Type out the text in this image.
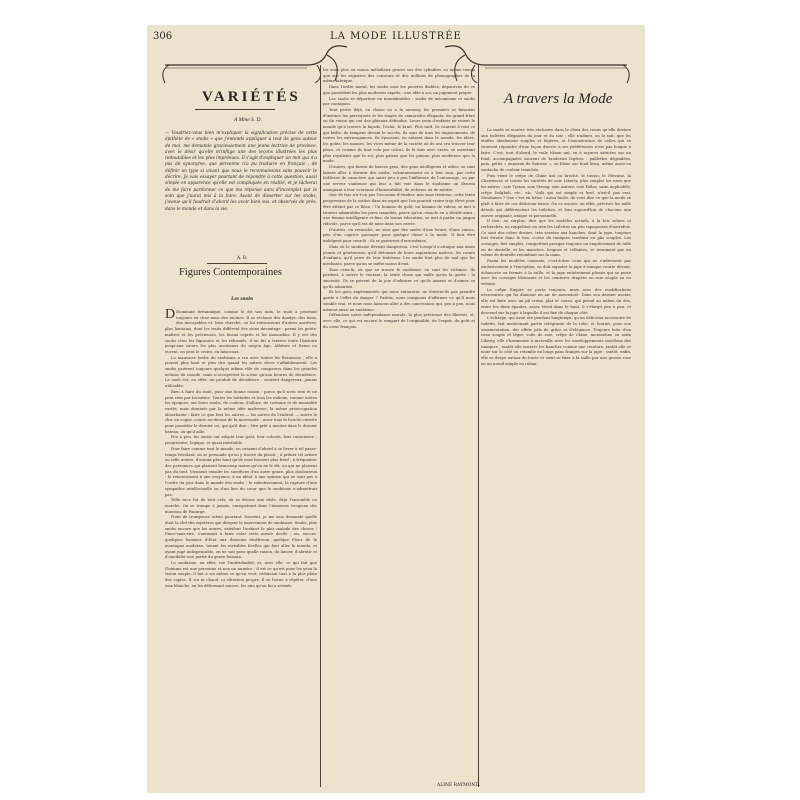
306	LA MODE ILLUSTRÉE
VARIÉTÉS
A Mme S. D.
— Voudriez-vous bien m'expliquer la signification précise de cette épithète de « snobs » que j'entends appliquer à tout de gens autour de moi, me demande gracieusement une jeune lectrice de province, avec le désir qu'elle m'inflige une des leçons illustrées les plus redoutables et les plus imprévues. Il s'agit d'expliquer un mot qui n'a pas de synonyme, que personne n'a pu traduire en français ; de définir un type si vivant que nous le reconnaissons sans pouvoir le décrire. Je vais essayer pourtant de répondre à cette question, aussi simple en apparence qu'elle est compliquée en réalité, et je tâcherai de me faire pardonner ce que ma réponse aura d'incomplet par le soin que j'aurai mis à la faire. Avant de disserter sur les snobs, j'avoue qu'il faudrait d'abord les avoir bien vus, et observés de près, dans le monde et dans la vie.
A. R.
Figures Contemporaines
Les snobs

D Dominant britannique, comme le dit son nom, le snob a pourtant toujours eu chez nous des racines. Il se réclame des dandys, des lions, des incroyables et, bien cherché, on lui retrouverait d'autres ancêtres, plus lointains, dont les traits différent des siens davantage : parmi les petits-maîtres et les précieuses, les beaux esprits et les muscadins. Il y eut des snobs chez les figurants et les réformés, il en fut à travers toute l'histoire jusqu'aux sœurs les plus anciennes du moyen âge. Athènes et Rome en eurent, on peut le croire, en faisceaux.

La mauvaise herbe du snobisme a cru avec toutes les floraisons ; elle a poussé plus haut et plus dru quand les autres sèves s'affaiblissaient. Les snobs jouèrent toujours quelque infime rôle de comparses dans les grandes actions du monde, mais n'occupèrent la scène qu'aux heures de décadence. Le snob est, en effet, un produit de décadence : souvent dangereux, jamais utilisable.

Bien à faire du snob, pour une bonne raison : parce qu'il n'est rien et ne peut rien par lui-même. Toutes les latitudes et tous les milieux, comme toutes les époques, ont leurs snobs, de couleur, d'allure, de costume et de mentalité variés, mais dominés par la même idée maîtresse, la même préoccupation absorbante : faire ce que font les autres — les autres de l'endroit — suivre le chic en vogue, courir au-devant de la nouveauté ; avoir tous la boucle ouverte pour posséder le dernier cri, qui qu'il dise ; être prêt à monter dans le dernier bateau, où qu'il aille.

Peu à peu, les snobs ont adopté leur goût, leur volonté, leur conscience ; progressive, logique, et quasi inévitable.

Pour faire comme tout le monde, on consent d'abord à se livrer à tel passe-temps frivolant, on se persuade qu'on y trouve du plaisir ; à prôner tel artiste ou telle œuvre, d'autant plus haut qu'ils vous laissent plus froid ; à fréquenter des personnes qui plaisent beaucoup moins qu'on ne le dit, ou qui ne plaisent pas du tout. Viennent ensuite les sacrifices d'un autre genre, plus douloureux : le renoncement à une croyance, à un idéal, à une opinion qui ne sont pas à l'ordre du jour dans le monde des snobs ; le ralentissement, la rupture d'une sympathie intellectuelle ou d'un lien du cœur que le snobisme n'admettrait pas.

Telle race fut de tout cela, où se dresse une idole, déjà l'ensemble en marche. On se trompe à jamais, enregistrant dans l'immense troupeau des moutons de Panurge.

Point de trompeuse scène pourtant. Souvent, je me suis demandé quelle était la clef des mystères qui dirigent le mouvement de snobisme. Snobs, plus snobs encore que les autres, satisfont l'instinct le plus malade des choses ! Pince-sans-rire, s'amusant à faire voler cette meute docile ; ou, encore, quelques hommes d'État aux desseins ténébreux, quelque Fleur de la montagne moderne, tenant les invisibles ficelles qui font aller le monde, et ayant jugé indispensable, on ne sait pour quelle raison, de lancer, d'abrutir et d'annihiler une partie du genre humain.

Le snobisme, en effet, tue l'individualité, et, avec elle, ce qui fait que l'homme est une personne et non un numéro ; il est ce qu'est pour les yeux la vision souple, il fait à soi même ce qu'on veut, réduisant tout à la plus plate des copies. Il n'a ni chaud, ni vibration propre, il se borne à répéter, d'une voix blanche, en les déformant encore, les airs qu'on lui a serinés.

les sons plus ou moins mélodieux graves sur des cylindres ou même temps que sur les registres des censeurs et des millions de phonographes de la même fabrique.

Dans l'ordre moral, les snobs sont les pauvres diables, dépourvus de ce que possèdent les plus modestes esprits : une idée à soi, un jugement propre.

Les snobs se déportent en innombrables : snobs de mécanisme et snobs par contagion.

Tout petits déjà, en classe ou à la nursery, les premiers se faisaient d'instinct les perroquets et les singes de camarades élégants, du grand frère ou du voisin qui ont des gâteaux défendus. Leurs yeux d'enfants ne voient le monde qu'à travers la façade, l'éclat, le bruit. Plus tard, ils courent à tout ce qui brille, ils rampent devant le succès, ils sont de tous les engouements, de toutes les extravagances. Ils épousent, en entrant dans le monde, les idées, les goûts, les manies, les vices même de la société où ils ont cru trouver leur place, et comme ils font cela par calcul, ils le font avec excès, se montrant plus royalistes que le roi, plus païens que les païens, plus modernes que la mode.

D'autres, qui furent de braves gens, des gens intelligents et utiles, se sont laissés aller à devenir des snobs, volontairement ou à leur insu, par cette faiblesse de caractère qui saisit peu à peu l'influence de l'entourage, ou par une erreur vaniteuse qui leur a fait voir dans le snobisme un fleuron manquant à leur couronne d'honorabilité, de richesse ou de mérite.

Que de fois n'a-t-on pas l'occasion d'étudier, non sans tristesse, cette lente progression de la sottise dans un esprit que l'on pouvait croire trop élevé pour être atteint par ce fléau ! Un homme de goût, un homme de valeur, se met à trouver admirables les pires insanités, parce qu'un cénacle en a décidé ainsi ; une femme intelligente et fine, de bonne éducation, se met à parler un jargon ridicule, parce qu'il est de mise dans son cercle.

D'autres, en revanche, ne sont que des snobs d'une heure, d'une saison, pris d'un caprice passager pour quelque chose à la mode. Il faut être indulgent pour ceux-là : ils se guériront d'eux-mêmes.

Mais où le snobisme devient dangereux, c'est lorsqu'il s'attaque aux âmes jeunes et généreuses, qu'il détourne de leurs aspirations natives, les cœurs d'enfants, qu'il prive de leur fraîcheur. Les snobs font plus de mal que les méchants, parce qu'on se méfie moins d'eux.

Tous ceux-là, où que se trouve le snobisme, en sont les victimes. Ils perdent, à suivre le courant, la seule chose qui vaille qu'on la garde : la sincérité. Ils se privent de la joie d'admirer ce qu'ils aiment et d'aimer ce qu'ils admirent.

Et les gens expérimentés qui nous entourent, ne doivent-ils pas prendre garde à l'effet du danger ? Parfois, nous craignons d'affirmer ce qu'il nous semble vrai, et nous nous laissons aller à des concessions qui, peu à peu, nous mènent aussi au snobisme.

Défendons notre indépendance morale, la plus précieuse des libertés, et, avec elle, ce qui est encore le rempart de l'originalité, de l'esprit, du goût et du cœur français.

ALINE RAYMOND.
A travers la Mode

La mode se montre très exclusive dans le choix des tissus qu'elle destine aux toilettes élégantes du jour et du soir ; elle n'admet, on le sait, que les étoffes idéalement souples et légères, et l'énumération de celles qui se trouvent répondre d'une façon directe à ses préférences n'est pas longue à faire. C'est, tout d'abord, le voile Ninon uni, ou à rayures satinées sur un fond, accompagnées souvent de broderies légères : paillettes dégradées, pois, petits « anneaux de Saturne », ou blanc sur fond brun, même aussi en soutache de couleur tranchée.

Puis vient le crêpe de Chine uni ou broché, le tussor, le Messine, la Charmeuse et toutes les variétés de soie Liberty, plus souples les unes que les autres : soie Tyrian, soie Strong, soie Aurore, soie Pallas, satin Asphodèle, crêpe Dalghali, etc., etc. Voilà qui est simple et bref, n'est-il pas vrai, Mesdames ? Que c'est en hélas ! aussi facile, de vous dire ce que la mode se plaît à faire de ces délicieux tissus. On va encore, en effet, préciser les mille détails qui différencient les toilettes, et font aujourd'hui de chacune une œuvre originale, unique et personnelle.

Il faut, au surplus, dire que les modèles actuels, à la fois sobres et recherchés, ne rappellent en rien les toilettes un peu tapageuses d'autrefois. Ce sont des robes droites, très serrées aux hanches, dont la jupe, toujours fort étroite dans le bas, s'orne de tuniques tombant en plis souples. Les corsages, fort simples, comportent presque toujours un empiècement de tulle ou de dentelle, et les manches, longues et collantes, se terminent par un volant de dentelle retombant sur la main.

Parmi les modèles courants, c'est-à-dire ceux qui ne s'adressent pas exclusivement à l'exception, on doit signaler la jupe à tunique courte devant, échancrée ou fermée à la taille, et la jupe entièrement plissée qui se porte avec les corsages blousants et les ceintures drapées en soie souple ou en velours.

Le crêpe Empire se porte toujours, mais avec des modifications nécessaires qui lui donnent un air de nouveauté. Dans son dernier avatar, elle est faite avec un pli creux, plat et cousu, qui prend au milieu du dos, entre les deux épaules, assez étroit dans le haut, il s'élargit peu à peu, et descend sur la jupe à laquelle il est fixé de chaque côté.

L'écharpe, qui avait été pendant longtemps, qu'un délicieux accessoire de toilette, fait maintenant partie intégrante de la robe, et fournit, pour son ornementation, des effets jolis de grâce et d'élégance. Toujours faite d'un tissu souple et léger, voile de soie, crêpe de Chine, mousseline ou satin Liberty, elle s'harmonise à merveille avec les enveloppements moelleux des tuniques ; tantôt elle enserre les hanches comme une ceinture, tantôt elle se noue sur le côté ou retombe en longs pans frangés sur la jupe ; tantôt, enfin, elle se drape autour du buste et vient se fixer à la taille par une grosse rose ou un nœud simple en ruban.
